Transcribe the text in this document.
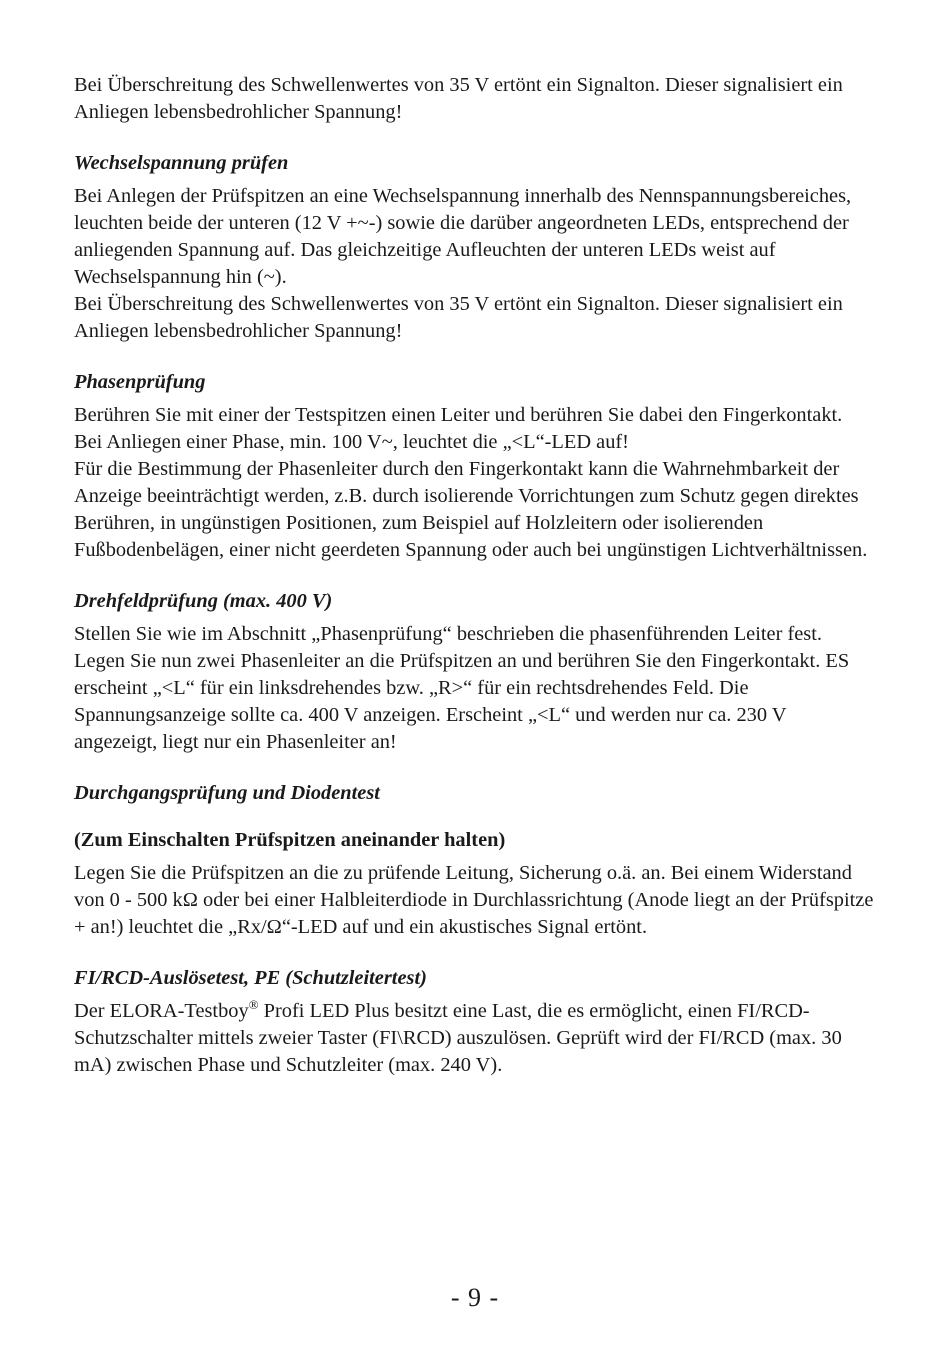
Bei Überschreitung des Schwellenwertes von 35 V ertönt ein Signalton. Dieser signalisiert ein Anliegen lebensbedrohlicher Spannung!

Wechselspannung prüfen

Bei Anlegen der Prüfspitzen an eine Wechselspannung innerhalb des Nennspannungsbereiches, leuchten beide der unteren (12 V +~-) sowie die darüber angeordneten LEDs, entsprechend der anliegenden Spannung auf. Das gleichzeitige Aufleuchten der unteren LEDs weist auf Wechselspannung hin (~).

Bei Überschreitung des Schwellenwertes von 35 V ertönt ein Signalton. Dieser signalisiert ein Anliegen lebensbedrohlicher Spannung!

Phasenprüfung

Berühren Sie mit einer der Testspitzen einen Leiter und berühren Sie dabei den Fingerkontakt. Bei Anliegen einer Phase, min. 100 V~, leuchtet die „<L“-LED auf!

Für die Bestimmung der Phasenleiter durch den Fingerkontakt kann die Wahrnehmbarkeit der Anzeige beeinträchtigt werden, z.B. durch isolierende Vorrichtungen zum Schutz gegen direktes Berühren, in ungünstigen Positionen, zum Beispiel auf Holzleitern oder isolierenden Fußbodenbelägen, einer nicht geerdeten Spannung oder auch bei ungünstigen Lichtverhältnissen.

Drehfeldprüfung (max. 400 V)

Stellen Sie wie im Abschnitt „Phasenprüfung“ beschrieben die phasenführenden Leiter fest. Legen Sie nun zwei Phasenleiter an die Prüfspitzen an und berühren Sie den Fingerkontakt. ES erscheint „<L“ für ein linksdrehendes bzw. „R>“ für ein rechtsdrehendes Feld. Die Spannungsanzeige sollte ca. 400 V anzeigen. Erscheint „<L“ und werden nur ca. 230 V angezeigt, liegt nur ein Phasenleiter an!

Durchgangsprüfung und Diodentest

(Zum Einschalten Prüfspitzen aneinander halten)

Legen Sie die Prüfspitzen an die zu prüfende Leitung, Sicherung o.ä. an. Bei einem Widerstand von 0 - 500 kΩ oder bei einer Halbleiterdiode in Durchlassrichtung (Anode liegt an der Prüfspitze + an!) leuchtet die „Rx/Ω“-LED auf und ein akustisches Signal ertönt.

FI/RCD-Auslösetest, PE (Schutzleitertest)

Der ELORA-Testboy® Profi LED Plus besitzt eine Last, die es ermöglicht, einen FI/RCD-Schutzschalter mittels zweier Taster (FI\RCD) auszulösen. Geprüft wird der FI/RCD (max. 30 mA) zwischen Phase und Schutzleiter (max. 240 V).

- 9 -
